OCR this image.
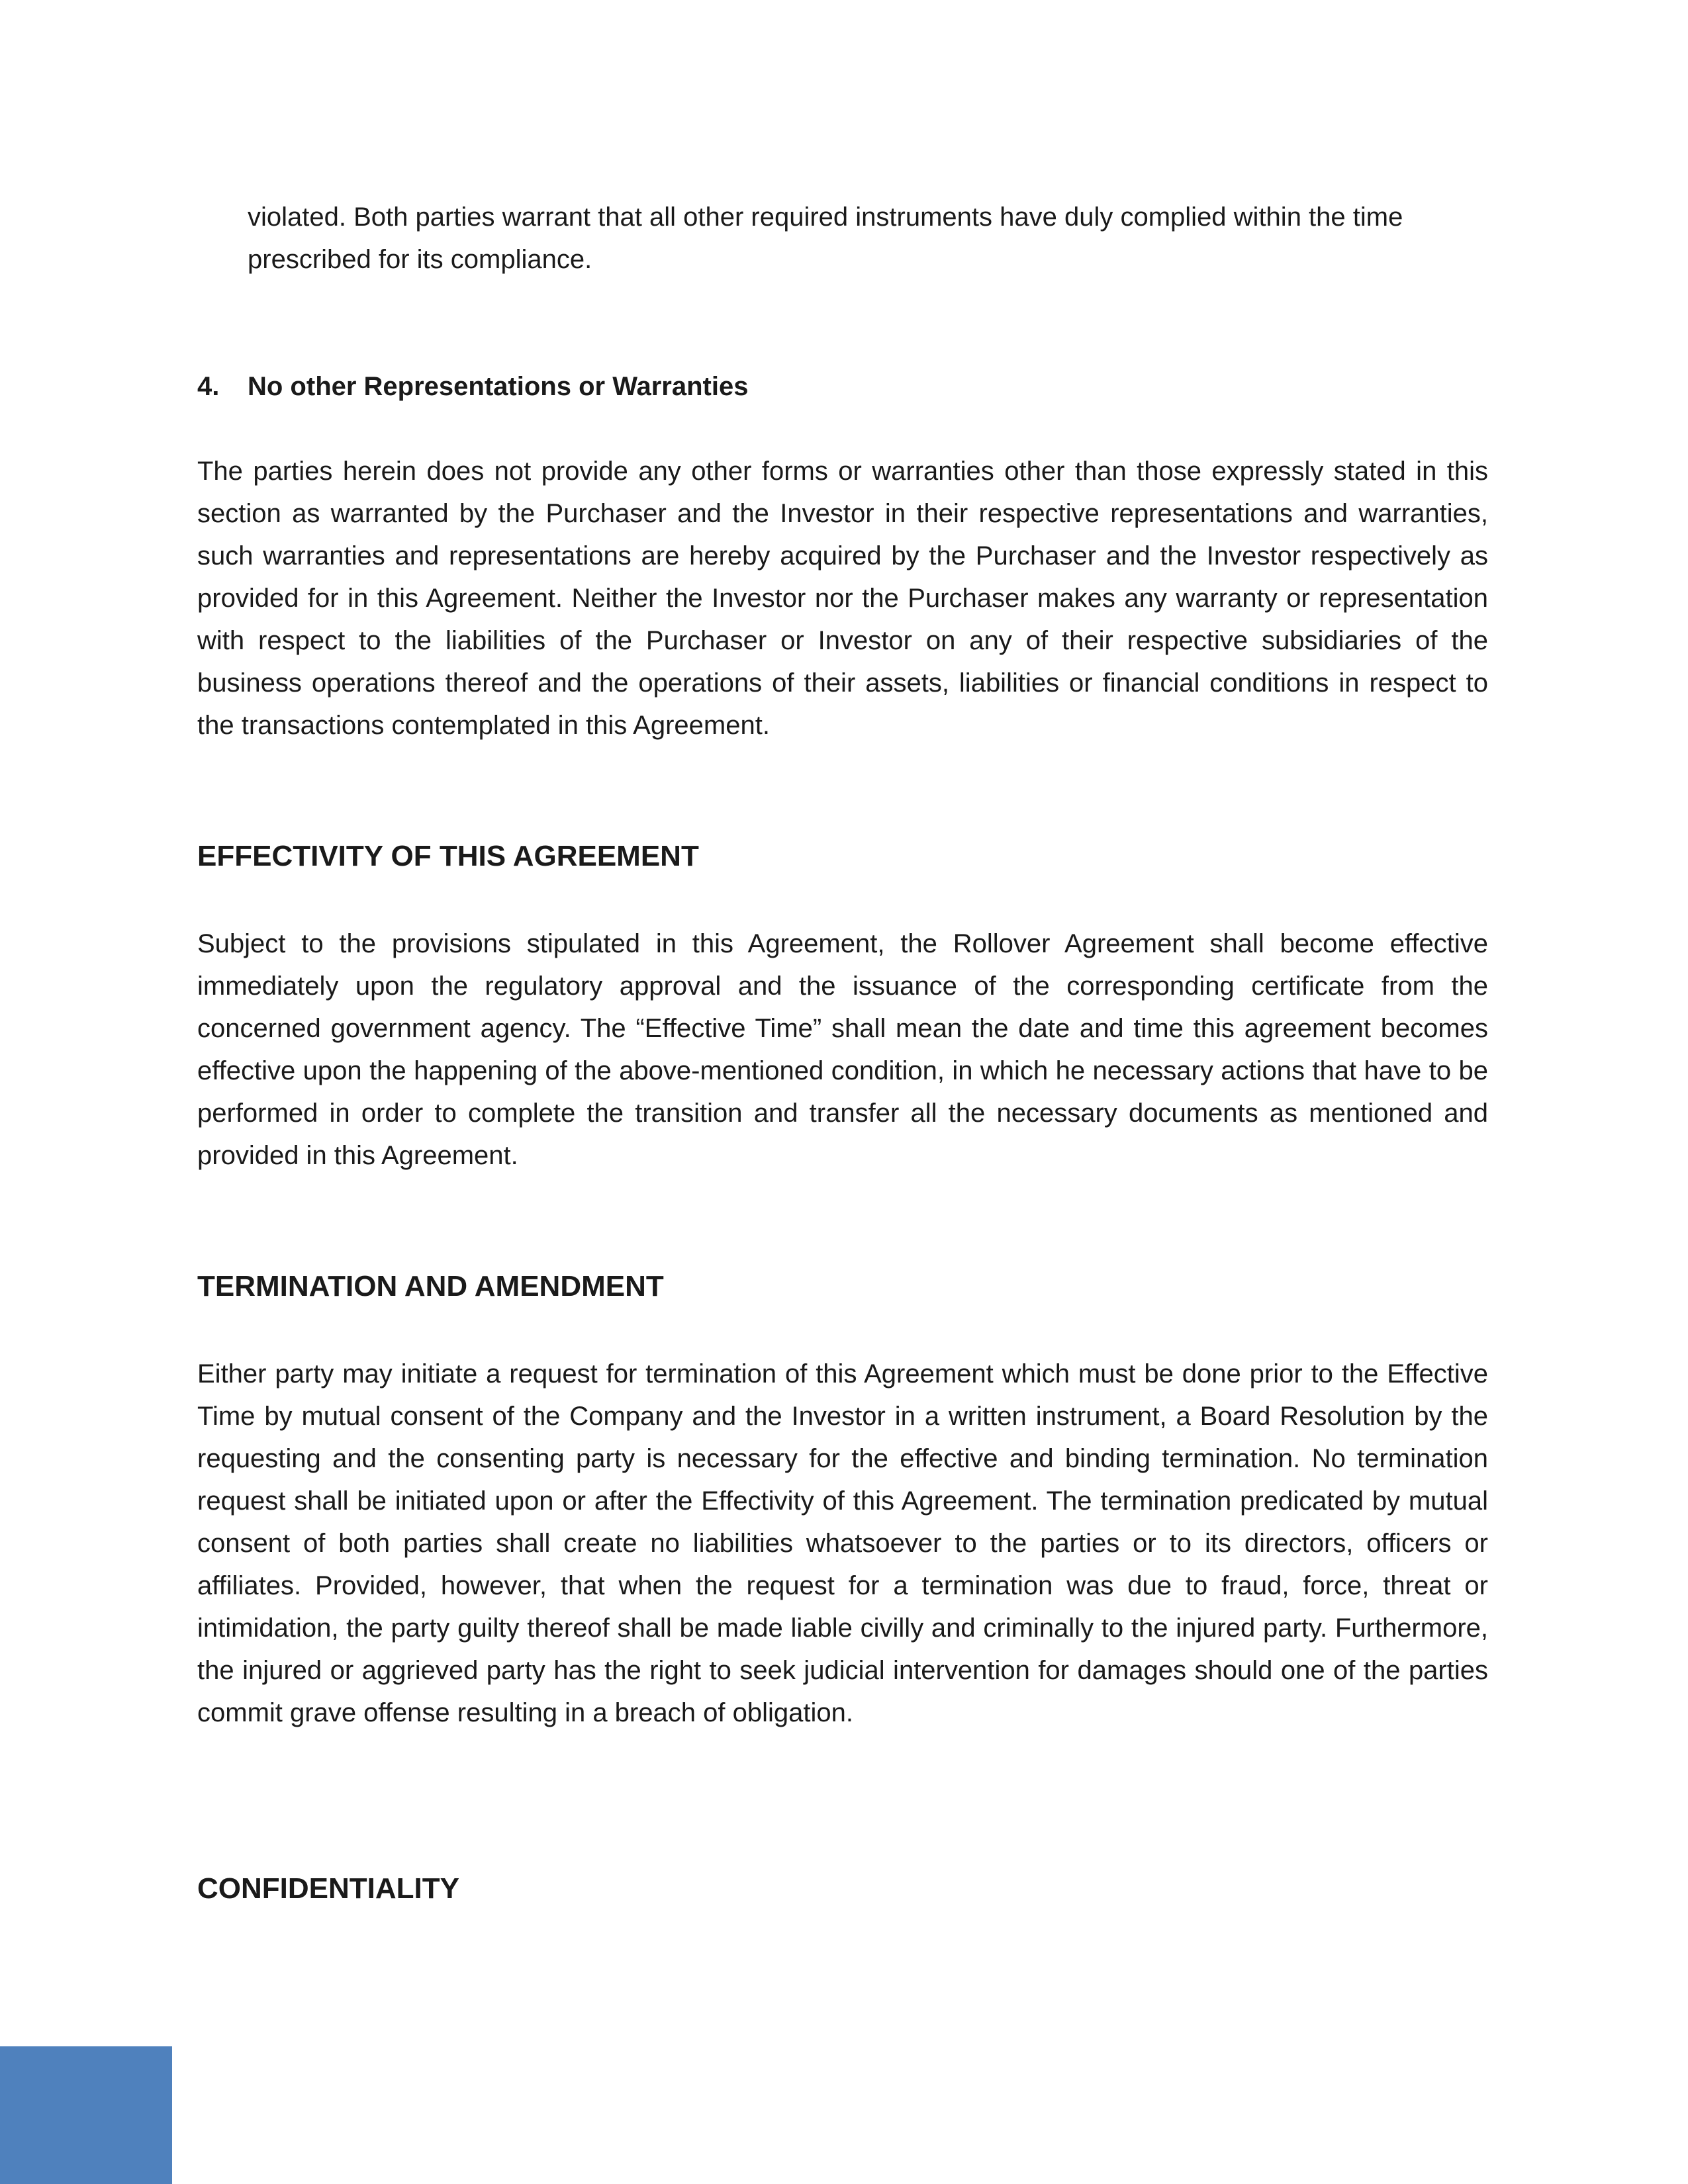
violated. Both parties warrant that all other required instruments have duly complied within the time prescribed for its compliance.

4. No other Representations or Warranties

The parties herein does not provide any other forms or warranties other than those expressly stated in this section as warranted by the Purchaser and the Investor in their respective representations and warranties, such warranties and representations are hereby acquired by the Purchaser and the Investor respectively as provided for in this Agreement. Neither the Investor nor the Purchaser makes any warranty or representation with respect to the liabilities of the Purchaser or Investor on any of their respective subsidiaries of the business operations thereof and the operations of their assets, liabilities or financial conditions in respect to the transactions contemplated in this Agreement.

EFFECTIVITY OF THIS AGREEMENT

Subject to the provisions stipulated in this Agreement, the Rollover Agreement shall become effective immediately upon the regulatory approval and the issuance of the corresponding certificate from the concerned government agency. The “Effective Time” shall mean the date and time this agreement becomes effective upon the happening of the above-mentioned condition, in which he necessary actions that have to be performed in order to complete the transition and transfer all the necessary documents as mentioned and provided in this Agreement.

TERMINATION AND AMENDMENT

Either party may initiate a request for termination of this Agreement which must be done prior to the Effective Time by mutual consent of the Company and the Investor in a written instrument, a Board Resolution by the requesting and the consenting party is necessary for the effective and binding termination. No termination request shall be initiated upon or after the Effectivity of this Agreement. The termination predicated by mutual consent of both parties shall create no liabilities whatsoever to the parties or to its directors, officers or affiliates. Provided, however, that when the request for a termination was due to fraud, force, threat or intimidation, the party guilty thereof shall be made liable civilly and criminally to the injured party. Furthermore, the injured or aggrieved party has the right to seek judicial intervention for damages should one of the parties commit grave offense resulting in a breach of obligation.

CONFIDENTIALITY
